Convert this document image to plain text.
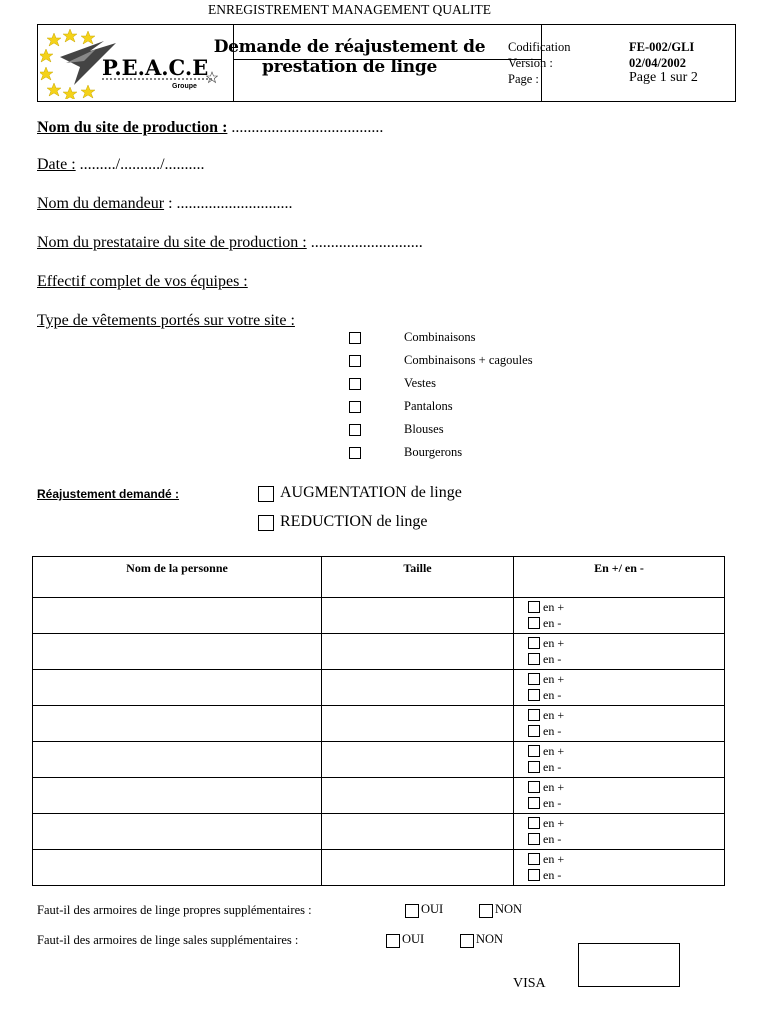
P.E.A.C.E
Groupe
ENREGISTREMENT MANAGEMENT QUALITE
Demande de réajustement de prestation de linge
Codification	FE-002/GLI
Version :	02/04/2002
Page :	Page 1 sur 2
Nom du site de production : ......................................
Date : ........./........../..........
Nom du demandeur : .............................
Nom du prestataire du site de production : ............................
Effectif complet de vos équipes :
Type de vêtements portés sur votre site :
Combinaisons
Combinaisons + cagoules
Vestes
Pantalons
Blouses
Bourgerons
Réajustement demandé :	AUGMENTATION de linge
REDUCTION de linge
Nom de la personne	Taille	En +/ en -

		en +
en -

		en +
en -

		en +
en -

		en +
en -

		en +
en -

		en +
en -

		en +
en -

		en +
en -
Faut-il des armoires de linge propres supplémentaires :	OUI	NON
Faut-il des armoires de linge sales supplémentaires :	OUI	NON
VISA
